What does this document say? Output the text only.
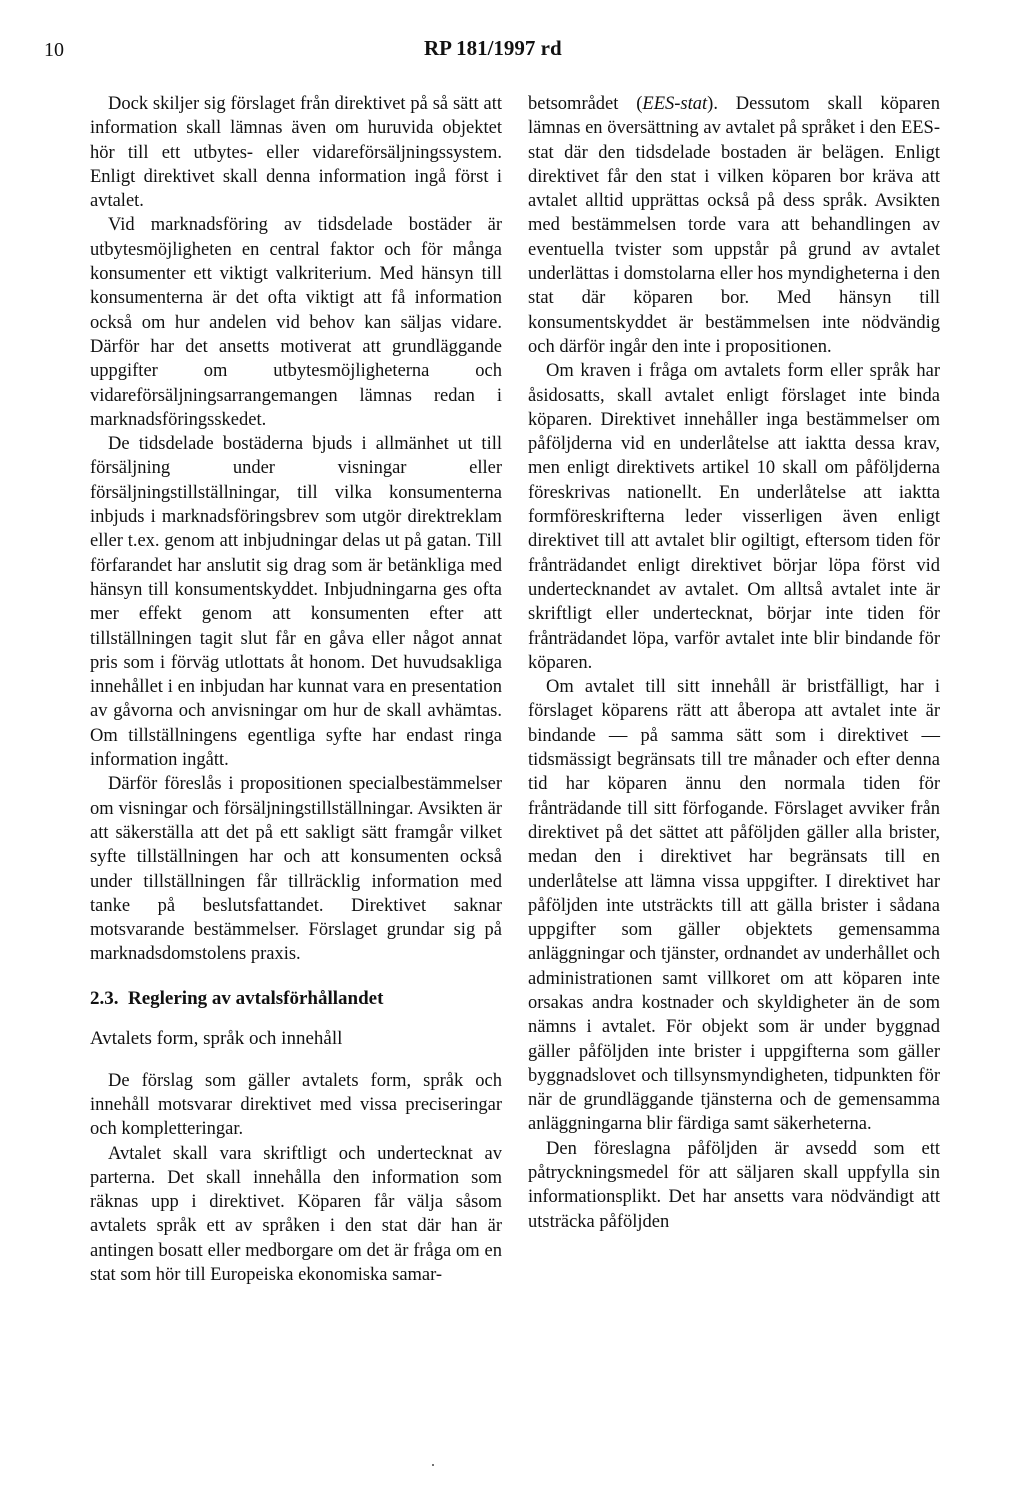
10	RP 181/1997 rd

Dock skiljer sig förslaget från direktivet på så sätt att information skall lämnas även om huruvida objektet hör till ett utbytes- eller vidareförsäljningssystem. Enligt direktivet skall denna information ingå först i avtalet.

Vid marknadsföring av tidsdelade bostäder är utbytesmöjligheten en central faktor och för många konsumenter ett viktigt valkriterium. Med hänsyn till konsumenterna är det ofta viktigt att få information också om hur andelen vid behov kan säljas vidare. Därför har det ansetts motiverat att grundläggande uppgifter om utbytesmöjligheterna och vidareförsäljningsarrangemangen lämnas redan i marknadsföringsskedet.

De tidsdelade bostäderna bjuds i allmänhet ut till försäljning under visningar eller försäljningstillställningar, till vilka konsumenterna inbjuds i marknadsföringsbrev som utgör direktreklam eller t.ex. genom att inbjudningar delas ut på gatan. Till förfarandet har anslutit sig drag som är betänkliga med hänsyn till konsumentskyddet. Inbjudningarna ges ofta mer effekt genom att konsumenten efter att tillställningen tagit slut får en gåva eller något annat pris som i förväg utlottats åt honom. Det huvudsakliga innehållet i en inbjudan har kunnat vara en presentation av gåvorna och anvisningar om hur de skall avhämtas. Om tillställningens egentliga syfte har endast ringa information ingått.

Därför föreslås i propositionen specialbestämmelser om visningar och försäljningstillställningar. Avsikten är att säkerställa att det på ett sakligt sätt framgår vilket syfte tillställningen har och att konsumenten också under tillställningen får tillräcklig information med tanke på beslutsfattandet. Direktivet saknar motsvarande bestämmelser. Förslaget grundar sig på marknadsdomstolens praxis.

2.3. Reglering av avtalsförhållandet
Avtalets form, språk och innehåll

De förslag som gäller avtalets form, språk och innehåll motsvarar direktivet med vissa preciseringar och kompletteringar.

Avtalet skall vara skriftligt och undertecknat av parterna. Det skall innehålla den information som räknas upp i direktivet. Köparen får välja såsom avtalets språk ett av språken i den stat där han är antingen bosatt eller medborgare om det är fråga om en stat som hör till Europeiska ekonomiska samar-

betsområdet (EES-stat). Dessutom skall köparen lämnas en översättning av avtalet på språket i den EES-stat där den tidsdelade bostaden är belägen. Enligt direktivet får den stat i vilken köparen bor kräva att avtalet alltid upprättas också på dess språk. Avsikten med bestämmelsen torde vara att behandlingen av eventuella tvister som uppstår på grund av avtalet underlättas i domstolarna eller hos myndigheterna i den stat där köparen bor. Med hänsyn till konsumentskyddet är bestämmelsen inte nödvändig och därför ingår den inte i propositionen.

Om kraven i fråga om avtalets form eller språk har åsidosatts, skall avtalet enligt förslaget inte binda köparen. Direktivet innehåller inga bestämmelser om påföljderna vid en underlåtelse att iaktta dessa krav, men enligt direktivets artikel 10 skall om påföljderna föreskrivas nationellt. En underlåtelse att iaktta formföreskrifterna leder visserligen även enligt direktivet till att avtalet blir ogiltigt, eftersom tiden för frånträdandet enligt direktivet börjar löpa först vid undertecknandet av avtalet. Om alltså avtalet inte är skriftligt eller undertecknat, börjar inte tiden för frånträdandet löpa, varför avtalet inte blir bindande för köparen.

Om avtalet till sitt innehåll är bristfälligt, har i förslaget köparens rätt att åberopa att avtalet inte är bindande — på samma sätt som i direktivet — tidsmässigt begränsats till tre månader och efter denna tid har köparen ännu den normala tiden för frånträdande till sitt förfogande. Förslaget avviker från direktivet på det sättet att påföljden gäller alla brister, medan den i direktivet har begränsats till en underlåtelse att lämna vissa uppgifter. I direktivet har påföljden inte utsträckts till att gälla brister i sådana uppgifter som gäller objektets gemensamma anläggningar och tjänster, ordnandet av underhållet och administrationen samt villkoret om att köparen inte orsakas andra kostnader och skyldigheter än de som nämns i avtalet. För objekt som är under byggnad gäller påföljden inte brister i uppgifterna som gäller byggnadslovet och tillsynsmyndigheten, tidpunkten för när de grundläggande tjänsterna och de gemensamma anläggningarna blir färdiga samt säkerheterna.

Den föreslagna påföljden är avsedd som ett påtryckningsmedel för att säljaren skall uppfylla sin informationsplikt. Det har ansetts vara nödvändigt att utsträcka påföljden
